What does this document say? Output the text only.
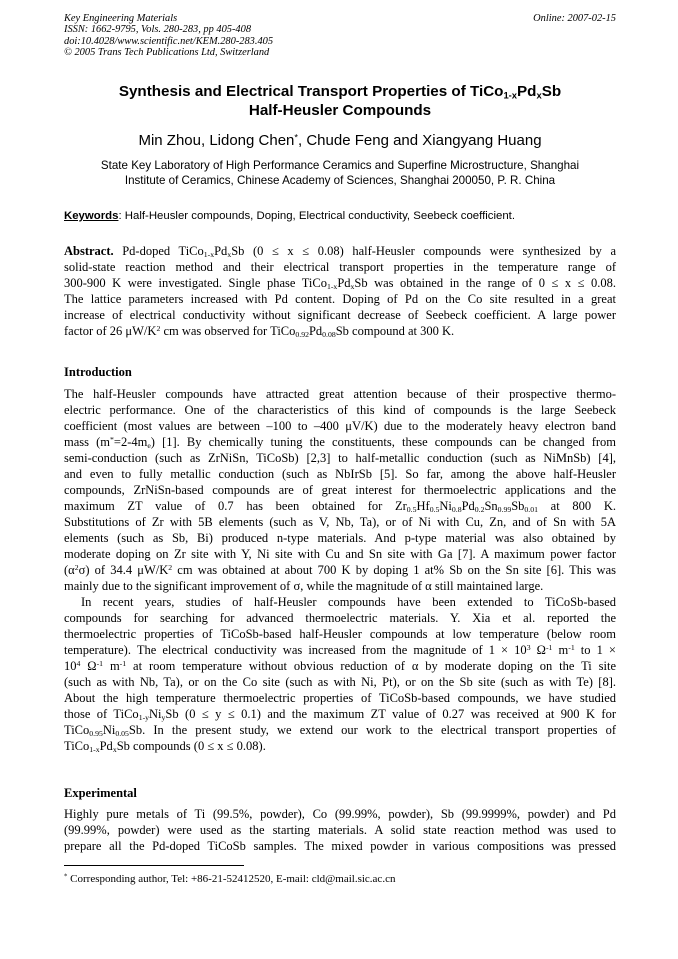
Key Engineering Materials
ISSN: 1662-9795, Vols. 280-283, pp 405-408
doi:10.4028/www.scientific.net/KEM.280-283.405
© 2005 Trans Tech Publications Ltd, Switzerland
Online: 2007-02-15
Synthesis and Electrical Transport Properties of $TiCo_{1-x}Pd_xSb$
Half-Heusler Compounds
Min Zhou, Lidong Chen*, Chude Feng and Xiangyang Huang
State Key Laboratory of High Performance Ceramics and Superfine Microstructure, Shanghai
Institute of Ceramics, Chinese Academy of Sciences, Shanghai 200050, P. R. China
Keywords: Half-Heusler compounds, Doping, Electrical conductivity, Seebeck coefficient.
Abstract. Pd-doped $TiCo_{1-x}Pd_xSb$ (0 ≤ x ≤ 0.08) half-Heusler compounds were synthesized by a
solid-state reaction method and their electrical transport properties in the temperature range of
300-900 K were investigated. Single phase $TiCo_{1-x}Pd_xSb$ was obtained in the range of 0 ≤ x ≤ 0.08.
The lattice parameters increased with Pd content. Doping of Pd on the Co site resulted in a great
increase of electrical conductivity without significant decrease of Seebeck coefficient. A large power
factor of 26 $\mu W/K^2$ cm was observed for $TiCo_{0.92}Pd_{0.08}Sb$ compound at 300 K.
Introduction
The half-Heusler compounds have attracted great attention because of their prospective thermo-
electric performance. One of the characteristics of this kind of compounds is the large Seebeck
coefficient (most values are between –100 to –400 μV/K) due to the moderately heavy electron band
mass $(m^*=2-4m_e)$ [1]. By chemically tuning the constituents, these compounds can be changed from
semi-conduction (such as ZrNiSn, TiCoSb) [2,3] to half-metallic conduction (such as NiMnSb) [4],
and even to fully metallic conduction (such as NbIrSb [5]. So far, among the above half-Heusler
compounds, ZrNiSn-based compounds are of great interest for thermoelectric applications and the
maximum ZT value of 0.7 has been obtained for $Zr_{0.5}Hf_{0.5}Ni_{0.8}Pd_{0.2}Sn_{0.99}Sb_{0.01}$ at 800 K.
Substitutions of Zr with 5B elements (such as V, Nb, Ta), or of Ni with Cu, Zn, and of Sn with 5A
elements (such as Sb, Bi) produced n-type materials. And p-type material was also obtained by
moderate doping on Zr site with Y, Ni site with Cu and Sn site with Ga [7]. A maximum power factor
$(\alpha^2\sigma)$ of 34.4 $\mu W/K^2$ cm was obtained at about 700 K by doping 1 at% Sb on the Sn site [6]. This was
mainly due to the significant improvement of σ, while the magnitude of α still maintained large.
In recent years, studies of half-Heusler compounds have been extended to TiCoSb-based
compounds for searching for advanced thermoelectric materials. Y. Xia et al. reported the
thermoelectric properties of TiCoSb-based half-Heusler compounds at low temperature (below room
temperature). The electrical conductivity was increased from the magnitude of $1 \times 10^3$ $\Omega^{-1}$ $m^{-1}$ to 1 ×
$10^4$ $\Omega^{-1}$ $m^{-1}$ at room temperature without obvious reduction of α by moderate doping on the Ti site
(such as with Nb, Ta), or on the Co site (such as with Ni, Pt), or on the Sb site (such as with Te) [8].
About the high temperature thermoelectric properties of TiCoSb-based compounds, we have studied
those of $TiCo_{1-y}Ni_ySb$ (0 ≤ y ≤ 0.1) and the maximum ZT value of 0.27 was received at 900 K for
$TiCo_{0.95}Ni_{0.05}Sb$. In the present study, we extend our work to the electrical transport properties of
$TiCo_{1-x}Pd_xSb$ compounds (0 ≤ x ≤ 0.08).
Experimental
Highly pure metals of Ti (99.5%, powder), Co (99.99%, powder), Sb (99.9999%, powder) and Pd
(99.99%, powder) were used as the starting materials. A solid state reaction method was used to
prepare all the Pd-doped TiCoSb samples. The mixed powder in various compositions was pressed
* Corresponding author, Tel: +86-21-52412520, E-mail: cld@mail.sic.ac.cn
